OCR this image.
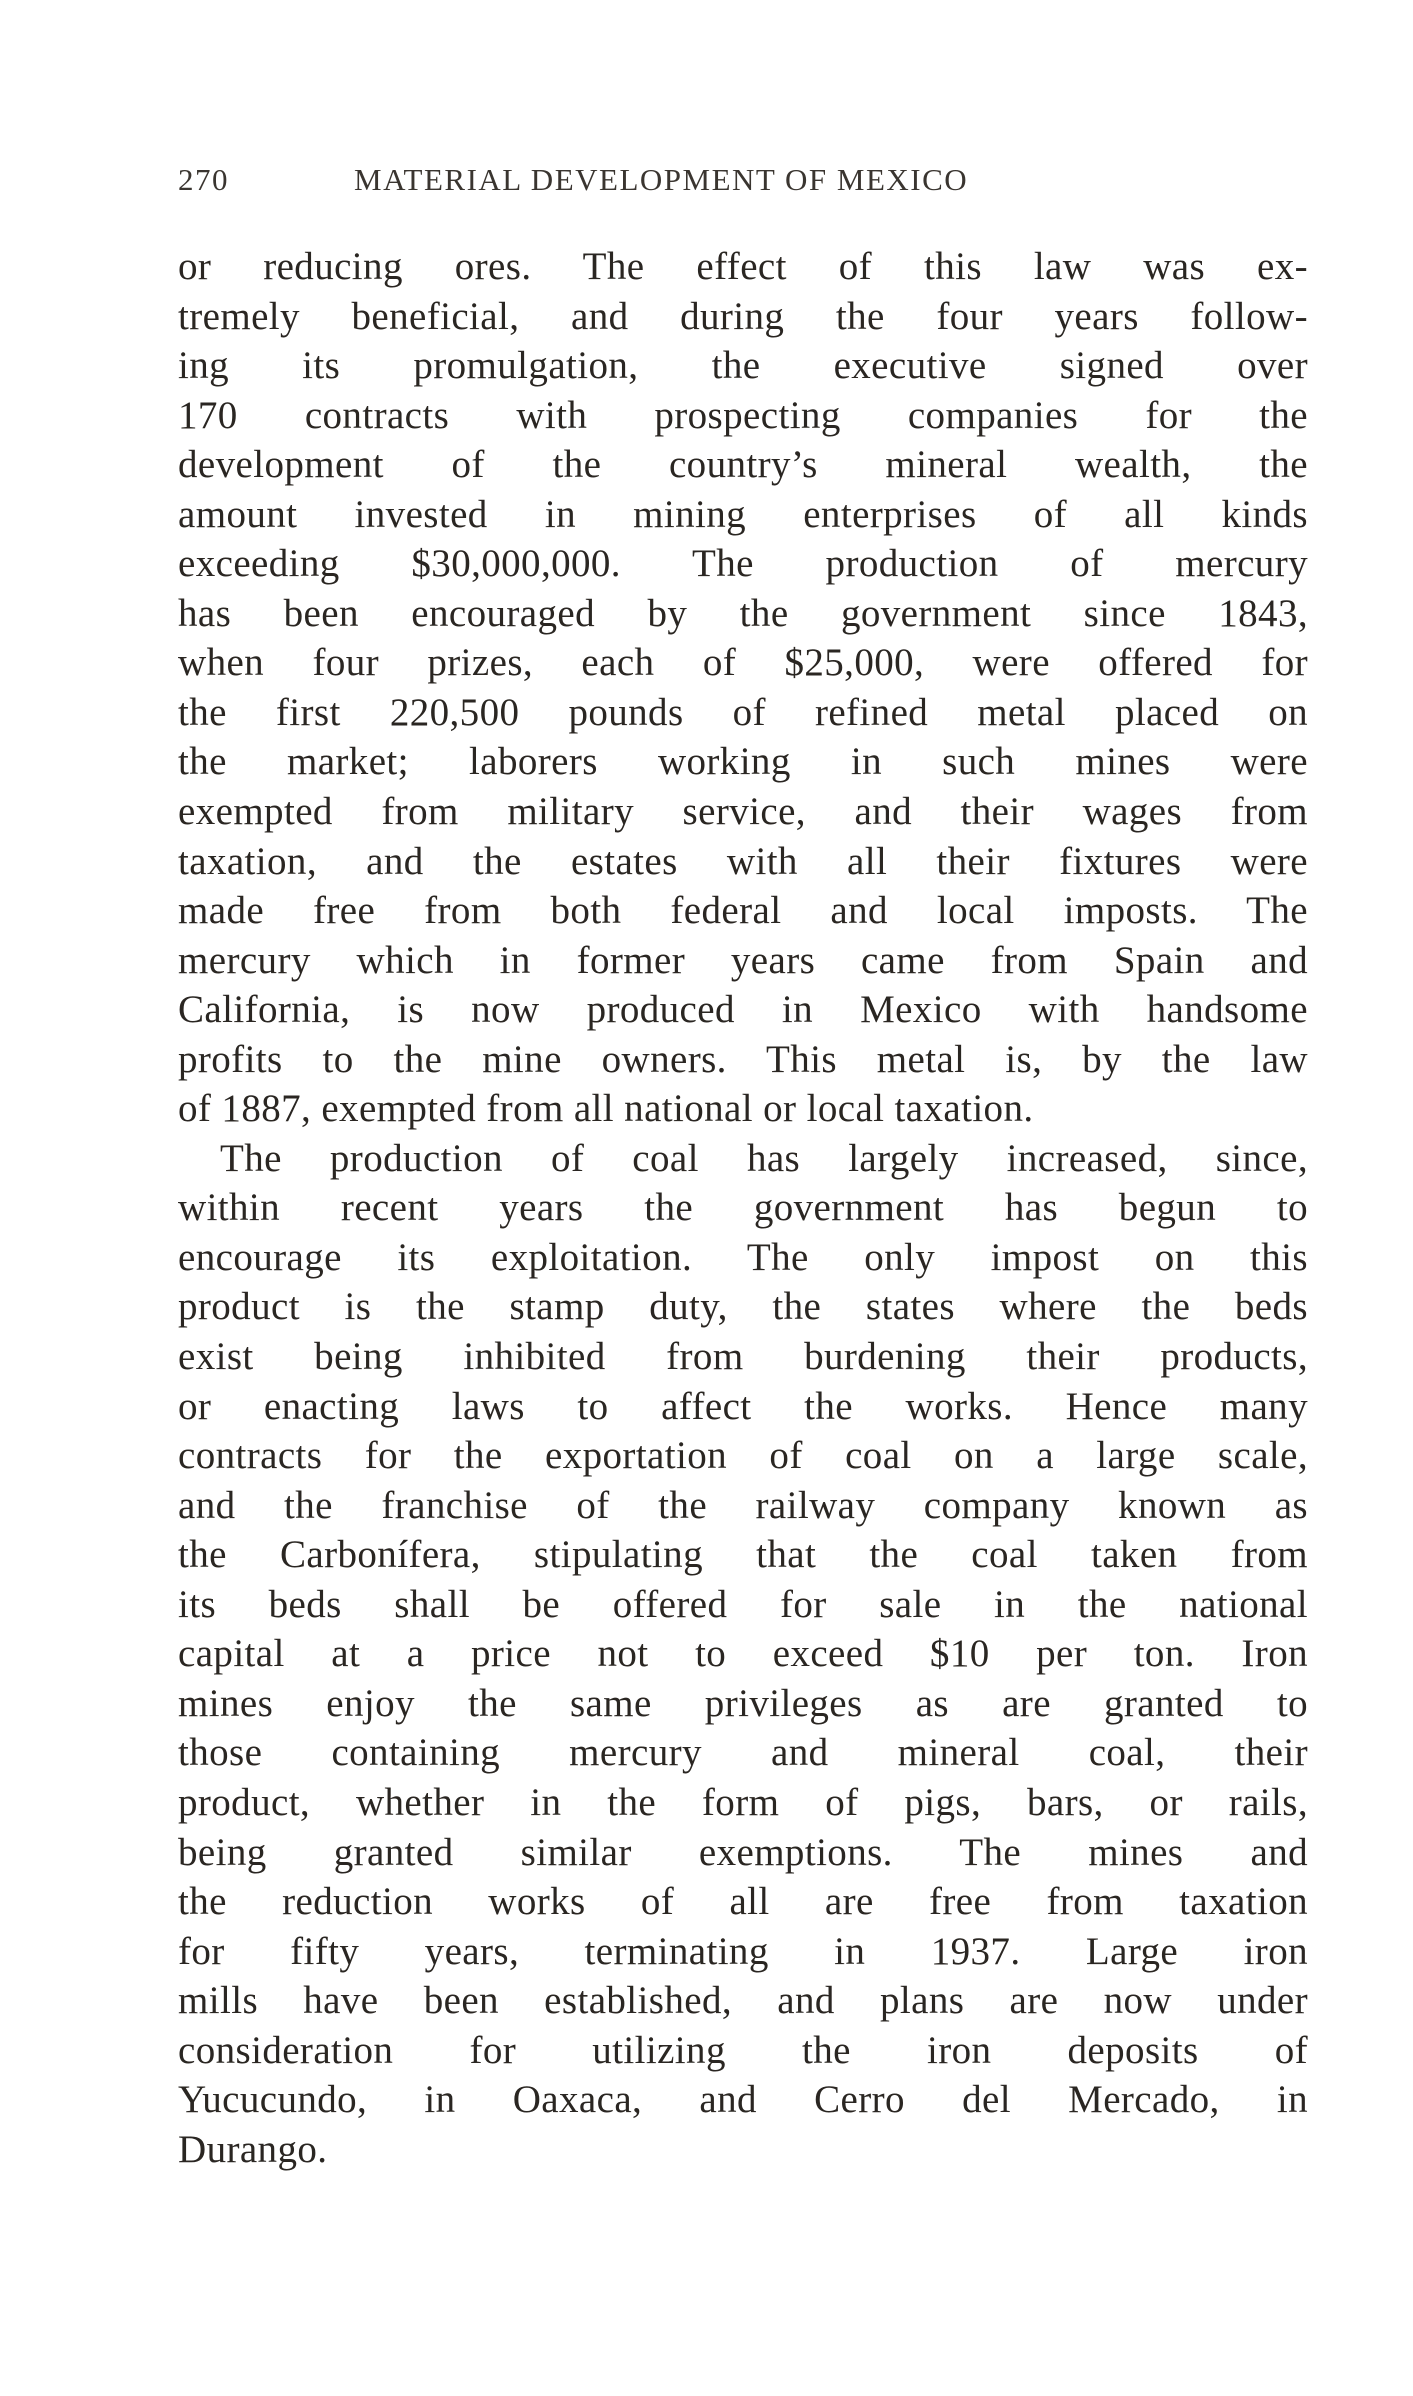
270	MATERIAL DEVELOPMENT OF MEXICO
or reducing ores. The effect of this law was ex-
tremely beneficial, and during the four years follow-
ing its promulgation, the executive signed over
170 contracts with prospecting companies for the
development of the country’s mineral wealth, the
amount invested in mining enterprises of all kinds
exceeding $30,000,000. The production of mercury
has been encouraged by the government since 1843,
when four prizes, each of $25,000, were offered for
the first 220,500 pounds of refined metal placed on
the market; laborers working in such mines were
exempted from military service, and their wages from
taxation, and the estates with all their fixtures were
made free from both federal and local imposts. The
mercury which in former years came from Spain and
California, is now produced in Mexico with handsome
profits to the mine owners. This metal is, by the law
of 1887, exempted from all national or local taxation.
The production of coal has largely increased, since,
within recent years the government has begun to
encourage its exploitation. The only impost on this
product is the stamp duty, the states where the beds
exist being inhibited from burdening their products,
or enacting laws to affect the works. Hence many
contracts for the exportation of coal on a large scale,
and the franchise of the railway company known as
the Carbonífera, stipulating that the coal taken from
its beds shall be offered for sale in the national
capital at a price not to exceed $10 per ton. Iron
mines enjoy the same privileges as are granted to
those containing mercury and mineral coal, their
product, whether in the form of pigs, bars, or rails,
being granted similar exemptions. The mines and
the reduction works of all are free from taxation
for fifty years, terminating in 1937. Large iron
mills have been established, and plans are now under
consideration for utilizing the iron deposits of
Yucucundo, in Oaxaca, and Cerro del Mercado, in
Durango.
